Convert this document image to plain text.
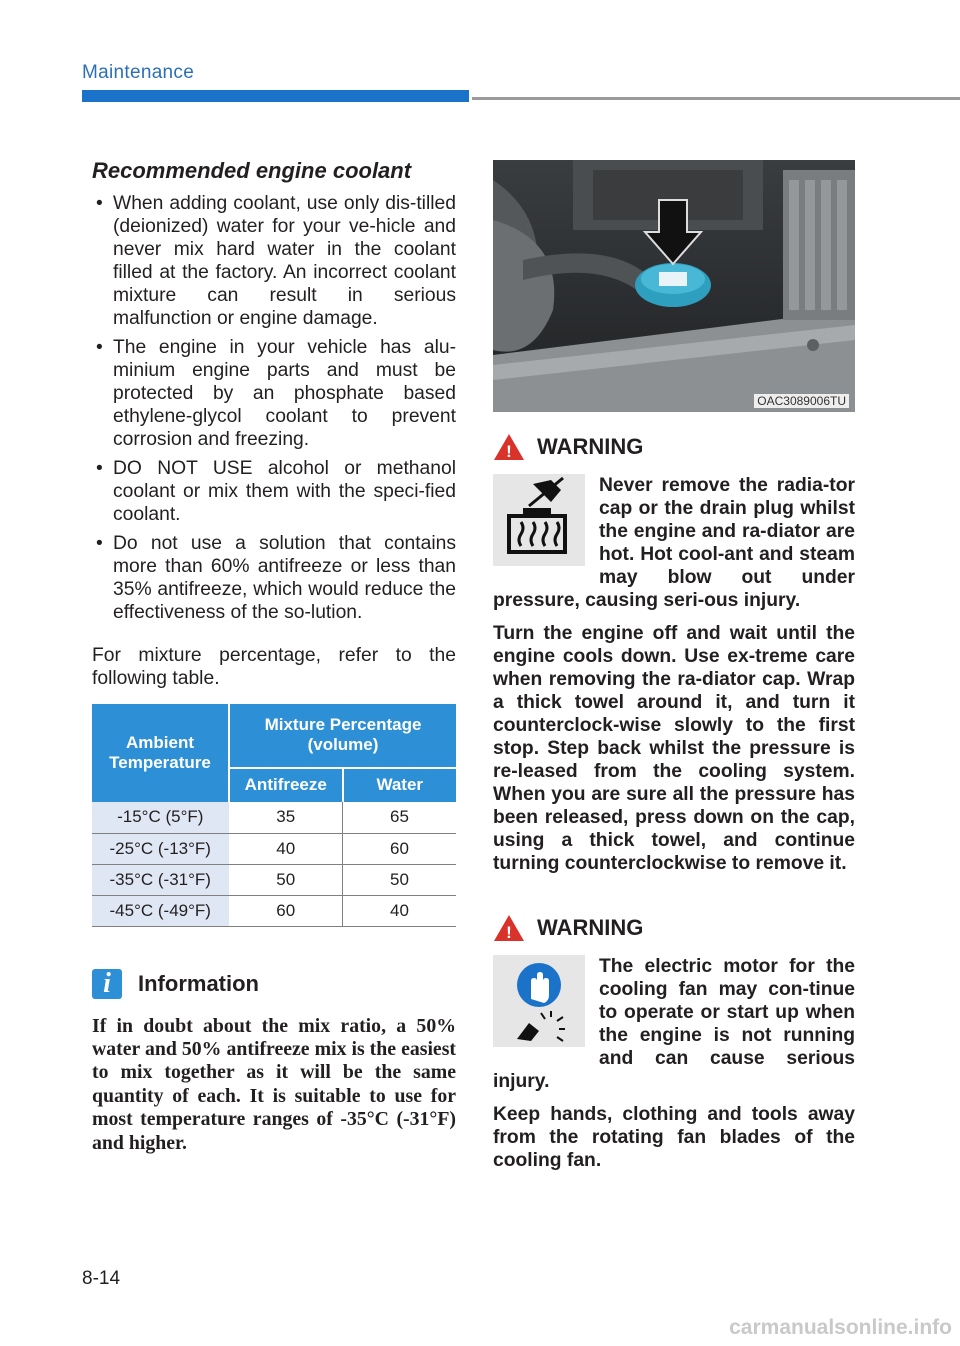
Maintenance
Recommended engine coolant
• When adding coolant, use only dis-tilled (deionized) water for your ve-hicle and never mix hard water in the coolant filled at the factory. An incorrect coolant mixture can result in serious malfunction or engine damage.
• The engine in your vehicle has alu-minium engine parts and must be protected by an phosphate based ethylene-glycol coolant to prevent corrosion and freezing.
• DO NOT USE alcohol or methanol coolant or mix them with the speci-fied coolant.
• Do not use a solution that contains more than 60% antifreeze or less than 35% antifreeze, which would reduce the effectiveness of the so-lution.
For mixture percentage, refer to the following table.
Ambient Temperature	Mixture Percentage (volume)	
	Antifreeze	Water
-15°C (5°F)	35	65
-25°C (-13°F)	40	60
-35°C (-31°F)	50	50
-45°C (-49°F)	60	40
i	Information
If in doubt about the mix ratio, a 50% water and 50% antifreeze mix is the easiest to mix together as it will be the same quantity of each. It is suitable to use for most temperature ranges of -35°C (-31°F) and higher.
OAC3089006TU
! WARNING

Never remove the radia-tor cap or the drain plug whilst the engine and ra-diator are hot. Hot cool-ant and steam may blow out under pressure, causing seri-ous injury.

Turn the engine off and wait until the engine cools down. Use ex-treme care when removing the ra-diator cap. Wrap a thick towel around it, and turn it counterclock-wise slowly to the first stop. Step back whilst the pressure is re-leased from the cooling system. When you are sure all the pressure has been released, press down on the cap, using a thick towel, and continue turning counterclockwise to remove it.

! WARNING

The electric motor for the cooling fan may con-tinue to operate or start up when the engine is not running and can cause serious injury.

Keep hands, clothing and tools away from the rotating fan blades of the cooling fan.

8-14
carmanualsonline.info
